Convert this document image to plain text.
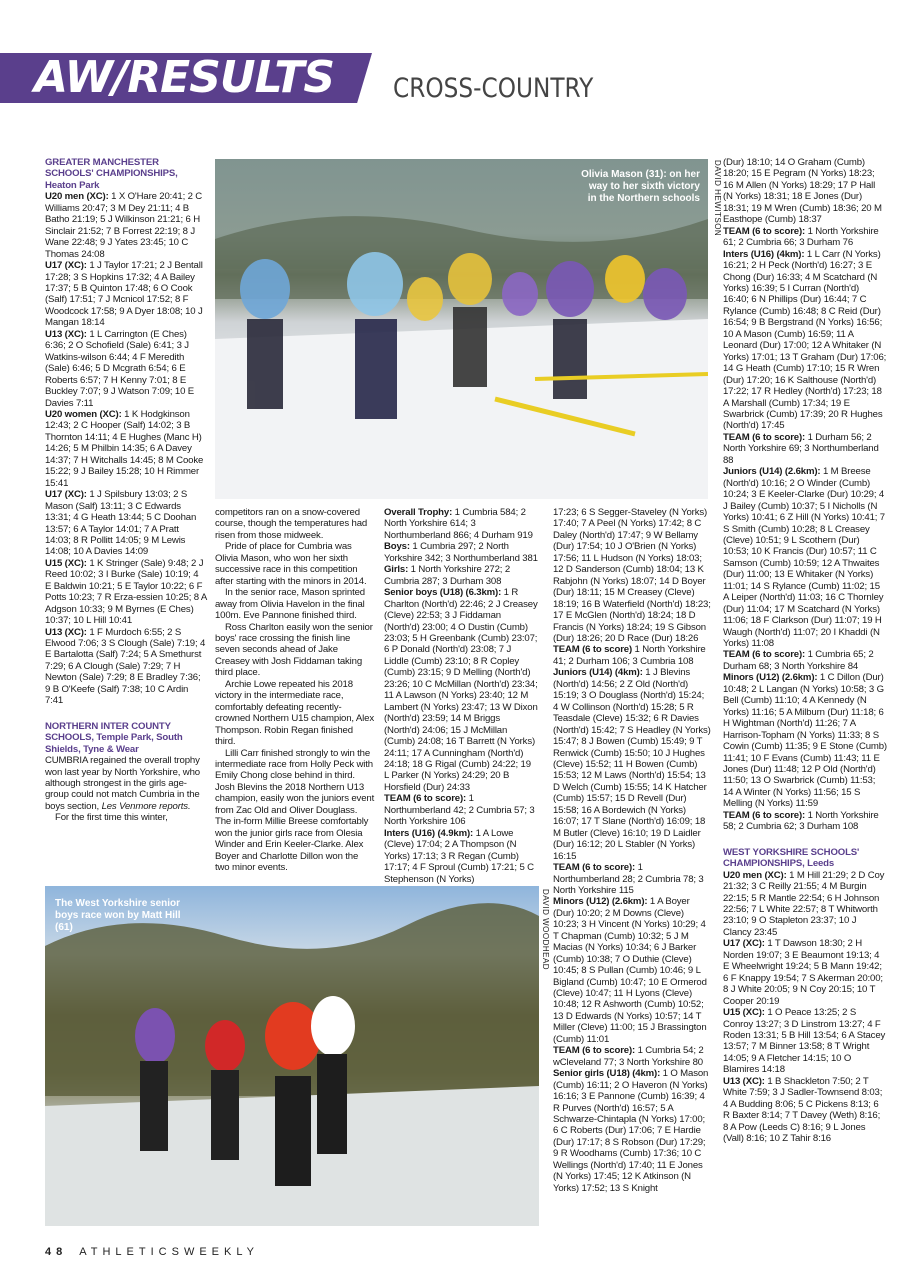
AW/RESULTS CROSS-COUNTRY

GREATER MANCHESTER SCHOOLS' CHAMPIONSHIPS,

Heaton Park

U20 men (XC): 1 X O'Hare 20:41; 2 C Williams 20:47; 3 M Dey 21:11; 4 B Batho 21:19; 5 J Wilkinson 21:21; 6 H Sinclair 21:52; 7 B Forrest 22:19; 8 J Wane 22:48; 9 J Yates 23:45; 10 C Thomas 24:08

U17 (XC): 1 J Taylor 17:21; 2 J Bentall 17:28; 3 S Hopkins 17:32; 4 A Bailey 17:37; 5 B Quinton 17:48; 6 O Cook (Salf) 17:51; 7 J Mcnicol 17:52; 8 F Woodcock 17:58; 9 A Dyer 18:08; 10 J Mangan 18:14

U13 (XC): 1 L Carrington (E Ches) 6:36; 2 O Schofield (Sale) 6:41; 3 J Watkins-wilson 6:44; 4 F Meredith (Sale) 6:46; 5 D Mcgrath 6:54; 6 E Roberts 6:57; 7 H Kenny 7:01; 8 E Buckley 7:07; 9 J Watson 7:09; 10 E Davies 7:11

U20 women (XC): 1 K Hodgkinson 12:43; 2 C Hooper (Salf) 14:02; 3 B Thornton 14:11; 4 E Hughes (Manc H) 14:26; 5 M Philbin 14:35; 6 A Davey 14:37; 7 H Witchalls 14:45; 8 M Cooke 15:22; 9 J Bailey 15:28; 10 H Rimmer 15:41

U17 (XC): 1 J Spilsbury 13:03; 2 S Mason (Salf) 13:11; 3 C Edwards 13:31; 4 G Heath 13:44; 5 C Doohan 13:57; 6 A Taylor 14:01; 7 A Pratt 14:03; 8 R Pollitt 14:05; 9 M Lewis 14:08; 10 A Davies 14:09

U15 (XC): 1 K Stringer (Sale) 9:48; 2 J Reed 10:02; 3 I Burke (Sale) 10:19; 4 E Baldwin 10:21; 5 E Taylor 10:22; 6 F Potts 10:23; 7 R Erza-essien 10:25; 8 A Adgson 10:33; 9 M Byrnes (E Ches) 10:37; 10 L Hill 10:41

U13 (XC): 1 F Murdoch 6:55; 2 S Elwood 7:06; 3 S Clough (Sale) 7:19; 4 E Bartalotta (Salf) 7:24; 5 A Smethurst 7:29; 6 A Clough (Sale) 7:29; 7 H Newton (Sale) 7:29; 8 E Bradley 7:36; 9 B O'Keefe (Salf) 7:38; 10 C Ardin 7:41

NORTHERN INTER COUNTY SCHOOLS, Temple Park, South Shields, Tyne & Wear

CUMBRIA regained the overall trophy won last year by North Yorkshire, who although strongest in the girls age-group could not match Cumbria in the boys section, Les Venmore reports.

For the first time this winter,

Olivia Mason (31): on her way to her sixth victory in the Northern schools DAVID HEWITSON

competitors ran on a snow-covered course, though the temperatures had risen from those midweek.

Pride of place for Cumbria was Olivia Mason, who won her sixth successive race in this competition after starting with the minors in 2014.

In the senior race, Mason sprinted away from Olivia Havelon in the final 100m. Eve Pannone finished third.

Ross Charlton easily won the senior boys' race crossing the finish line seven seconds ahead of Jake Creasey with Josh Fiddaman taking third place.

Archie Lowe repeated his 2018 victory in the intermediate race, comfortably defeating recently-crowned Northern U15 champion, Alex Thompson. Robin Regan finished third.

Lilli Carr finished strongly to win the intermediate race from Holly Peck with Emily Chong close behind in third. Josh Blevins the 2018 Northern U13 champion, easily won the juniors event from Zac Old and Oliver Douglass. The in-form Millie Breese comfortably won the junior girls race from Olesia Winder and Erin Keeler-Clarke. Alex Boyer and Charlotte Dillon won the two minor events.

Overall Trophy: 1 Cumbria 584; 2 North Yorkshire 614; 3 Northumberland 866; 4 Durham 919

Boys: 1 Cumbria 297; 2 North Yorkshire 342; 3 Northumberland 381

Girls: 1 North Yorkshire 272; 2 Cumbria 287; 3 Durham 308

Senior boys (U18) (6.3km): 1 R Charlton (North'd) 22:46; 2 J Creasey (Cleve) 22:53; 3 J Fiddaman (North'd) 23:00; 4 O Dustin (Cumb) 23:03; 5 H Greenbank (Cumb) 23:07; 6 P Donald (North'd) 23:08; 7 J Liddle (Cumb) 23:10; 8 R Copley (Cumb) 23:15; 9 D Melling (North'd) 23:26; 10 C McMillan (North'd) 23:34; 11 A Lawson (N Yorks) 23:40; 12 M Lambert (N Yorks) 23:47; 13 W Dixon (North'd) 23:59; 14 M Briggs (North'd) 24:06; 15 J McMillan (Cumb) 24:08; 16 T Barrett (N Yorks) 24:11; 17 A Cunningham (North'd) 24:18; 18 G Rigal (Cumb) 24:22; 19 L Parker (N Yorks) 24:29; 20 B Horsfield (Dur) 24:33

TEAM (6 to score): 1 Northumberland 42; 2 Cumbria 57; 3 North Yorkshire 106

Inters (U16) (4.9km): 1 A Lowe (Cleve) 17:04; 2 A Thompson (N Yorks) 17:13; 3 R Regan (Cumb) 17:17; 4 F Sproul (Cumb) 17:21; 5 C Stephenson (N Yorks)

The West Yorkshire senior boys race won by Matt Hill (61)	DAVID WOODHEAD

17:23; 6 S Segger-Staveley (N Yorks) 17:40; 7 A Peel (N Yorks) 17:42; 8 C Daley (North'd) 17:47; 9 W Bellamy (Dur) 17:54; 10 J O'Brien (N Yorks) 17:56; 11 L Hudson (N Yorks) 18:03; 12 D Sanderson (Cumb) 18:04; 13 K Rabjohn (N Yorks) 18:07; 14 D Boyer (Dur) 18:11; 15 M Creasey (Cleve) 18:19; 16 B Waterfield (North'd) 18:23; 17 E McGlen (North'd) 18:24; 18 D Francis (N Yorks) 18:24; 19 S Gibson (Dur) 18:26; 20 D Race (Dur) 18:26

TEAM (6 to score) 1 North Yorkshire 41; 2 Durham 106; 3 Cumbria 108

Juniors (U14) (4km): 1 J Blevins (North'd) 14:56; 2 Z Old (North'd) 15:19; 3 O Douglass (North'd) 15:24; 4 W Collinson (North'd) 15:28; 5 R Teasdale (Cleve) 15:32; 6 R Davies (North'd) 15:42; 7 S Headley (N Yorks) 15:47; 8 J Bowen (Cumb) 15:49; 9 T Renwick (Cumb) 15:50; 10 J Hughes (Cleve) 15:52; 11 H Bowen (Cumb) 15:53; 12 M Laws (North'd) 15:54; 13 D Welch (Cumb) 15:55; 14 K Hatcher (Cumb) 15:57; 15 D Revell (Dur) 15:58; 16 A Bordewich (N Yorks) 16:07; 17 T Slane (North'd) 16:09; 18 M Butler (Cleve) 16:10; 19 D Laidler (Dur) 16:12; 20 L Stabler (N Yorks) 16:15

TEAM (6 to score): 1 Northumberland 28; 2 Cumbria 78; 3 North Yorkshire 115

Minors (U12) (2.6km): 1 A Boyer (Dur) 10:20; 2 M Downs (Cleve) 10:23; 3 H Vincent (N Yorks) 10:29; 4 T Chapman (Cumb) 10:32; 5 J M Macias (N Yorks) 10:34; 6 J Barker (Cumb) 10:38; 7 O Duthie (Cleve) 10:45; 8 S Pullan (Cumb) 10:46; 9 L Bigland (Cumb) 10:47; 10 E Ormerod (Cleve) 10:47; 11 H Lyons (Cleve) 10:48; 12 R Ashworth (Cumb) 10:52; 13 D Edwards (N Yorks) 10:57; 14 T Miller (Cleve) 11:00; 15 J Brassington (Cumb) 11:01

TEAM (6 to score): 1 Cumbria 54; 2 wCleveland 77; 3 North Yorkshire 80

Senior girls (U18) (4km): 1 O Mason (Cumb) 16:11; 2 O Haveron (N Yorks) 16:16; 3 E Pannone (Cumb) 16:39; 4 R Purves (North'd) 16:57; 5 A Schwarze-Chintapla (N Yorks) 17:00; 6 C Roberts (Dur) 17:06; 7 E Hardie (Dur) 17:17; 8 S Robson (Dur) 17:29; 9 R Woodhams (Cumb) 17:36; 10 C Wellings (North'd) 17:40; 11 E Jones (N Yorks) 17:45; 12 K Atkinson (N Yorks) 17:52; 13 S Knight

(Dur) 18:10; 14 O Graham (Cumb) 18:20; 15 E Pegram (N Yorks) 18:23; 16 M Allen (N Yorks) 18:29; 17 P Hall (N Yorks) 18:31; 18 E Jones (Dur) 18:31; 19 M Wren (Cumb) 18:36; 20 M Easthope (Cumb) 18:37

TEAM (6 to score): 1 North Yorkshire 61; 2 Cumbria 66; 3 Durham 76

Inters (U16) (4km): 1 L Carr (N Yorks) 16:21; 2 H Peck (North'd) 16:27; 3 E Chong (Dur) 16:33; 4 M Scatchard (N Yorks) 16:39; 5 I Curran (North'd) 16:40; 6 N Phillips (Dur) 16:44; 7 C Rylance (Cumb) 16:48; 8 C Reid (Dur) 16:54; 9 B Bergstrand (N Yorks) 16:56; 10 A Mason (Cumb) 16:59; 11 A Leonard (Dur) 17:00; 12 A Whitaker (N Yorks) 17:01; 13 T Graham (Dur) 17:06; 14 G Heath (Cumb) 17:10; 15 R Wren (Dur) 17:20; 16 K Salthouse (North'd) 17:22; 17 R Hedley (North'd) 17:23; 18 A Marshall (Cumb) 17:34; 19 E Swarbrick (Cumb) 17:39; 20 R Hughes (North'd) 17:45

TEAM (6 to score): 1 Durham 56; 2 North Yorkshire 69; 3 Northumberland 88

Juniors (U14) (2.6km): 1 M Breese (North'd) 10:16; 2 O Winder (Cumb) 10:24; 3 E Keeler-Clarke (Dur) 10:29; 4 J Bailey (Cumb) 10:37; 5 I Nicholls (N Yorks) 10:41; 6 Z Hill (N Yorks) 10:41; 7 S Smith (Cumb) 10:28; 8 L Creasey (Cleve) 10:51; 9 L Scothern (Dur) 10:53; 10 K Francis (Dur) 10:57; 11 C Samson (Cumb) 10:59; 12 A Thwaites (Dur) 11:00; 13 E Whitaker (N Yorks) 11:01; 14 S Rylance (Cumb) 11:02; 15 A Leiper (North'd) 11:03; 16 C Thornley (Dur) 11:04; 17 M Scatchard (N Yorks) 11:06; 18 F Clarkson (Dur) 11:07; 19 H Waugh (North'd) 11:07; 20 I Khaddi (N Yorks) 11:08

TEAM (6 to score): 1 Cumbria 65; 2 Durham 68; 3 North Yorkshire 84

Minors (U12) (2.6km): 1 C Dillon (Dur) 10:48; 2 L Langan (N Yorks) 10:58; 3 G Bell (Cumb) 11:10; 4 A Kennedy (N Yorks) 11:16; 5 A Milburn (Dur) 11:18; 6 H Wightman (North'd) 11:26; 7 A Harrison-Topham (N Yorks) 11:33; 8 S Cowin (Cumb) 11:35; 9 E Stone (Cumb) 11:41; 10 F Evans (Cumb) 11:43; 11 E Jones (Dur) 11:48; 12 P Old (North'd) 11:50; 13 O Swarbrick (Cumb) 11:53; 14 A Winter (N Yorks) 11:56; 15 S Melling (N Yorks) 11:59

TEAM (6 to score): 1 North Yorkshire 58; 2 Cumbria 62; 3 Durham 108

WEST YORKSHIRE SCHOOLS' CHAMPIONSHIPS, Leeds

U20 men (XC): 1 M Hill 21:29; 2 D Coy 21:32; 3 C Reilly 21:55; 4 M Burgin 22:15; 5 R Mantle 22:54; 6 H Johnson 22:56; 7 L White 22:57; 8 T Whitworth 23:10; 9 O Stapleton 23:37; 10 J Clancy 23:45

U17 (XC): 1 T Dawson 18:30; 2 H Norden 19:07; 3 E Beaumont 19:13; 4 E Wheelwright 19:24; 5 B Mann 19:42; 6 F Knappy 19:54; 7 S Akerman 20:00; 8 J White 20:05; 9 N Coy 20:15; 10 T Cooper 20:19

U15 (XC): 1 O Peace 13:25; 2 S Conroy 13:27; 3 D Linstrom 13:27; 4 F Roden 13:31; 5 B Hill 13:54; 6 A Stacey 13:57; 7 M Binner 13:58; 8 T Wright 14:05; 9 A Fletcher 14:15; 10 O Blamires 14:18

U13 (XC): 1 B Shackleton 7:50; 2 T White 7:59; 3 J Sadler-Townsend 8:03; 4 A Budding 8:06; 5 C Pickens 8:13; 6 R Baxter 8:14; 7 T Davey (Weth) 8:16; 8 A Pow (Leeds C) 8:16; 9 L Jones (Vall) 8:16; 10 Z Tahir 8:16

48 ATHLETICSWEEKLY
